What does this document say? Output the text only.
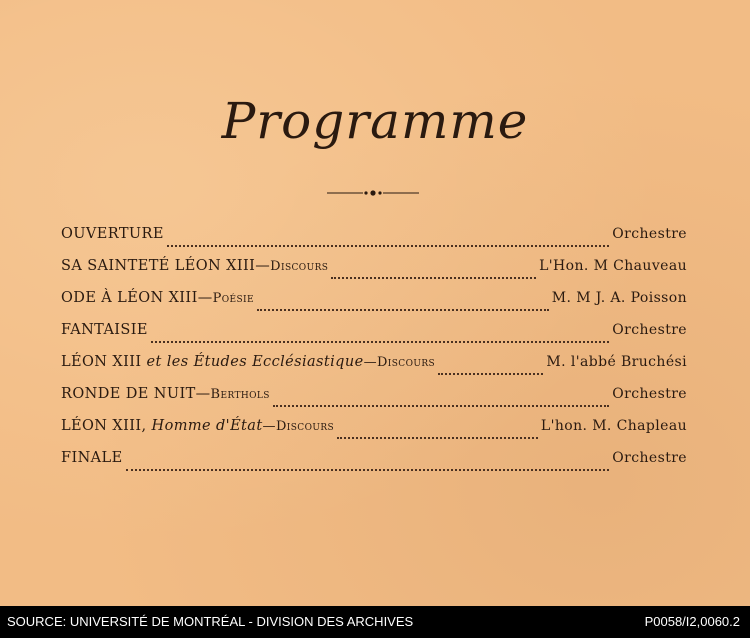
Programme
OUVERTURE	Orchestre
SA SAINTETÉ LÉON XIII—Discours	L'Hon. M Chauveau
ODE À LÉON XIII—Poésie	M. M J. A. Poisson
FANTAISIE	Orchestre
LÉON XIII et les Études Ecclésiastique—Discours	M. l'abbé Bruchési
RONDE DE NUIT—Berthols	Orchestre
LÉON XIII, Homme d'État—Discours	L'hon. M. Chapleau
FINALE	Orchestre
SOURCE: UNIVERSITÉ DE MONTRÉAL - DIVISION DES ARCHIVES	P0058/I2,0060.2
